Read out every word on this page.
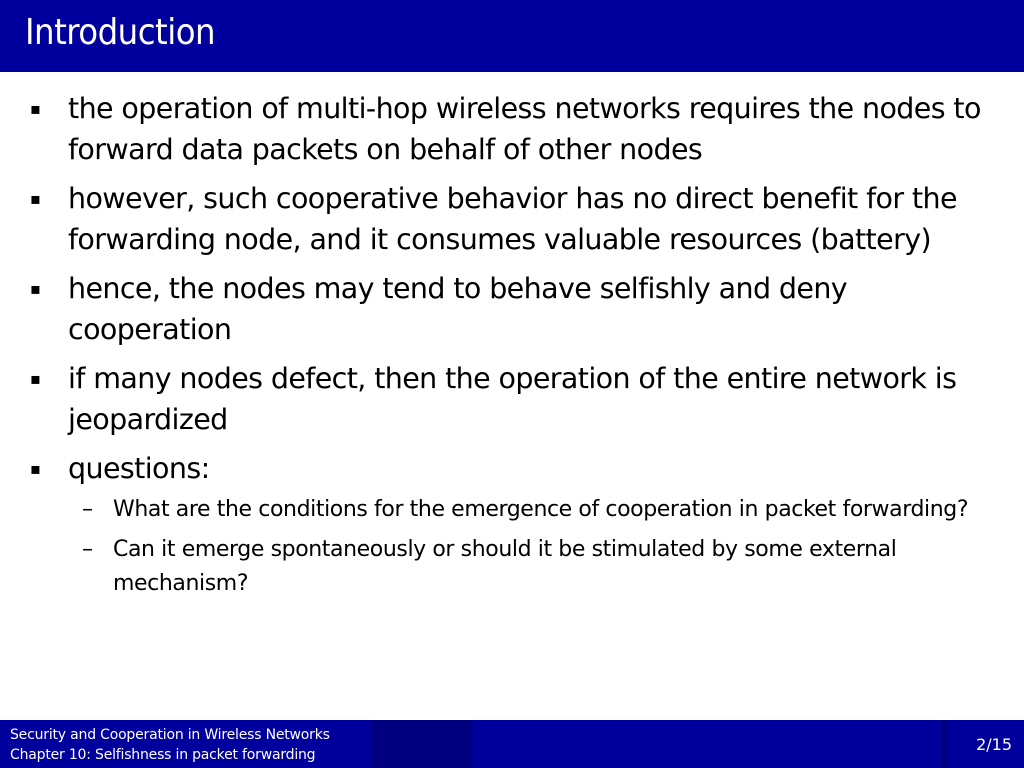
Introduction
▪ the operation of multi-hop wireless networks requires the nodes to forward data packets on behalf of other nodes
▪ however, such cooperative behavior has no direct benefit for the forwarding node, and it consumes valuable resources (battery)
▪ hence, the nodes may tend to behave selfishly and deny cooperation
▪ if many nodes defect, then the operation of the entire network is jeopardized
▪ questions:
– What are the conditions for the emergence of cooperation in packet forwarding?
– Can it emerge spontaneously or should it be stimulated by some external mechanism?
Security and Cooperation in Wireless Networks
Chapter 10: Selfishness in packet forwarding
2/15
